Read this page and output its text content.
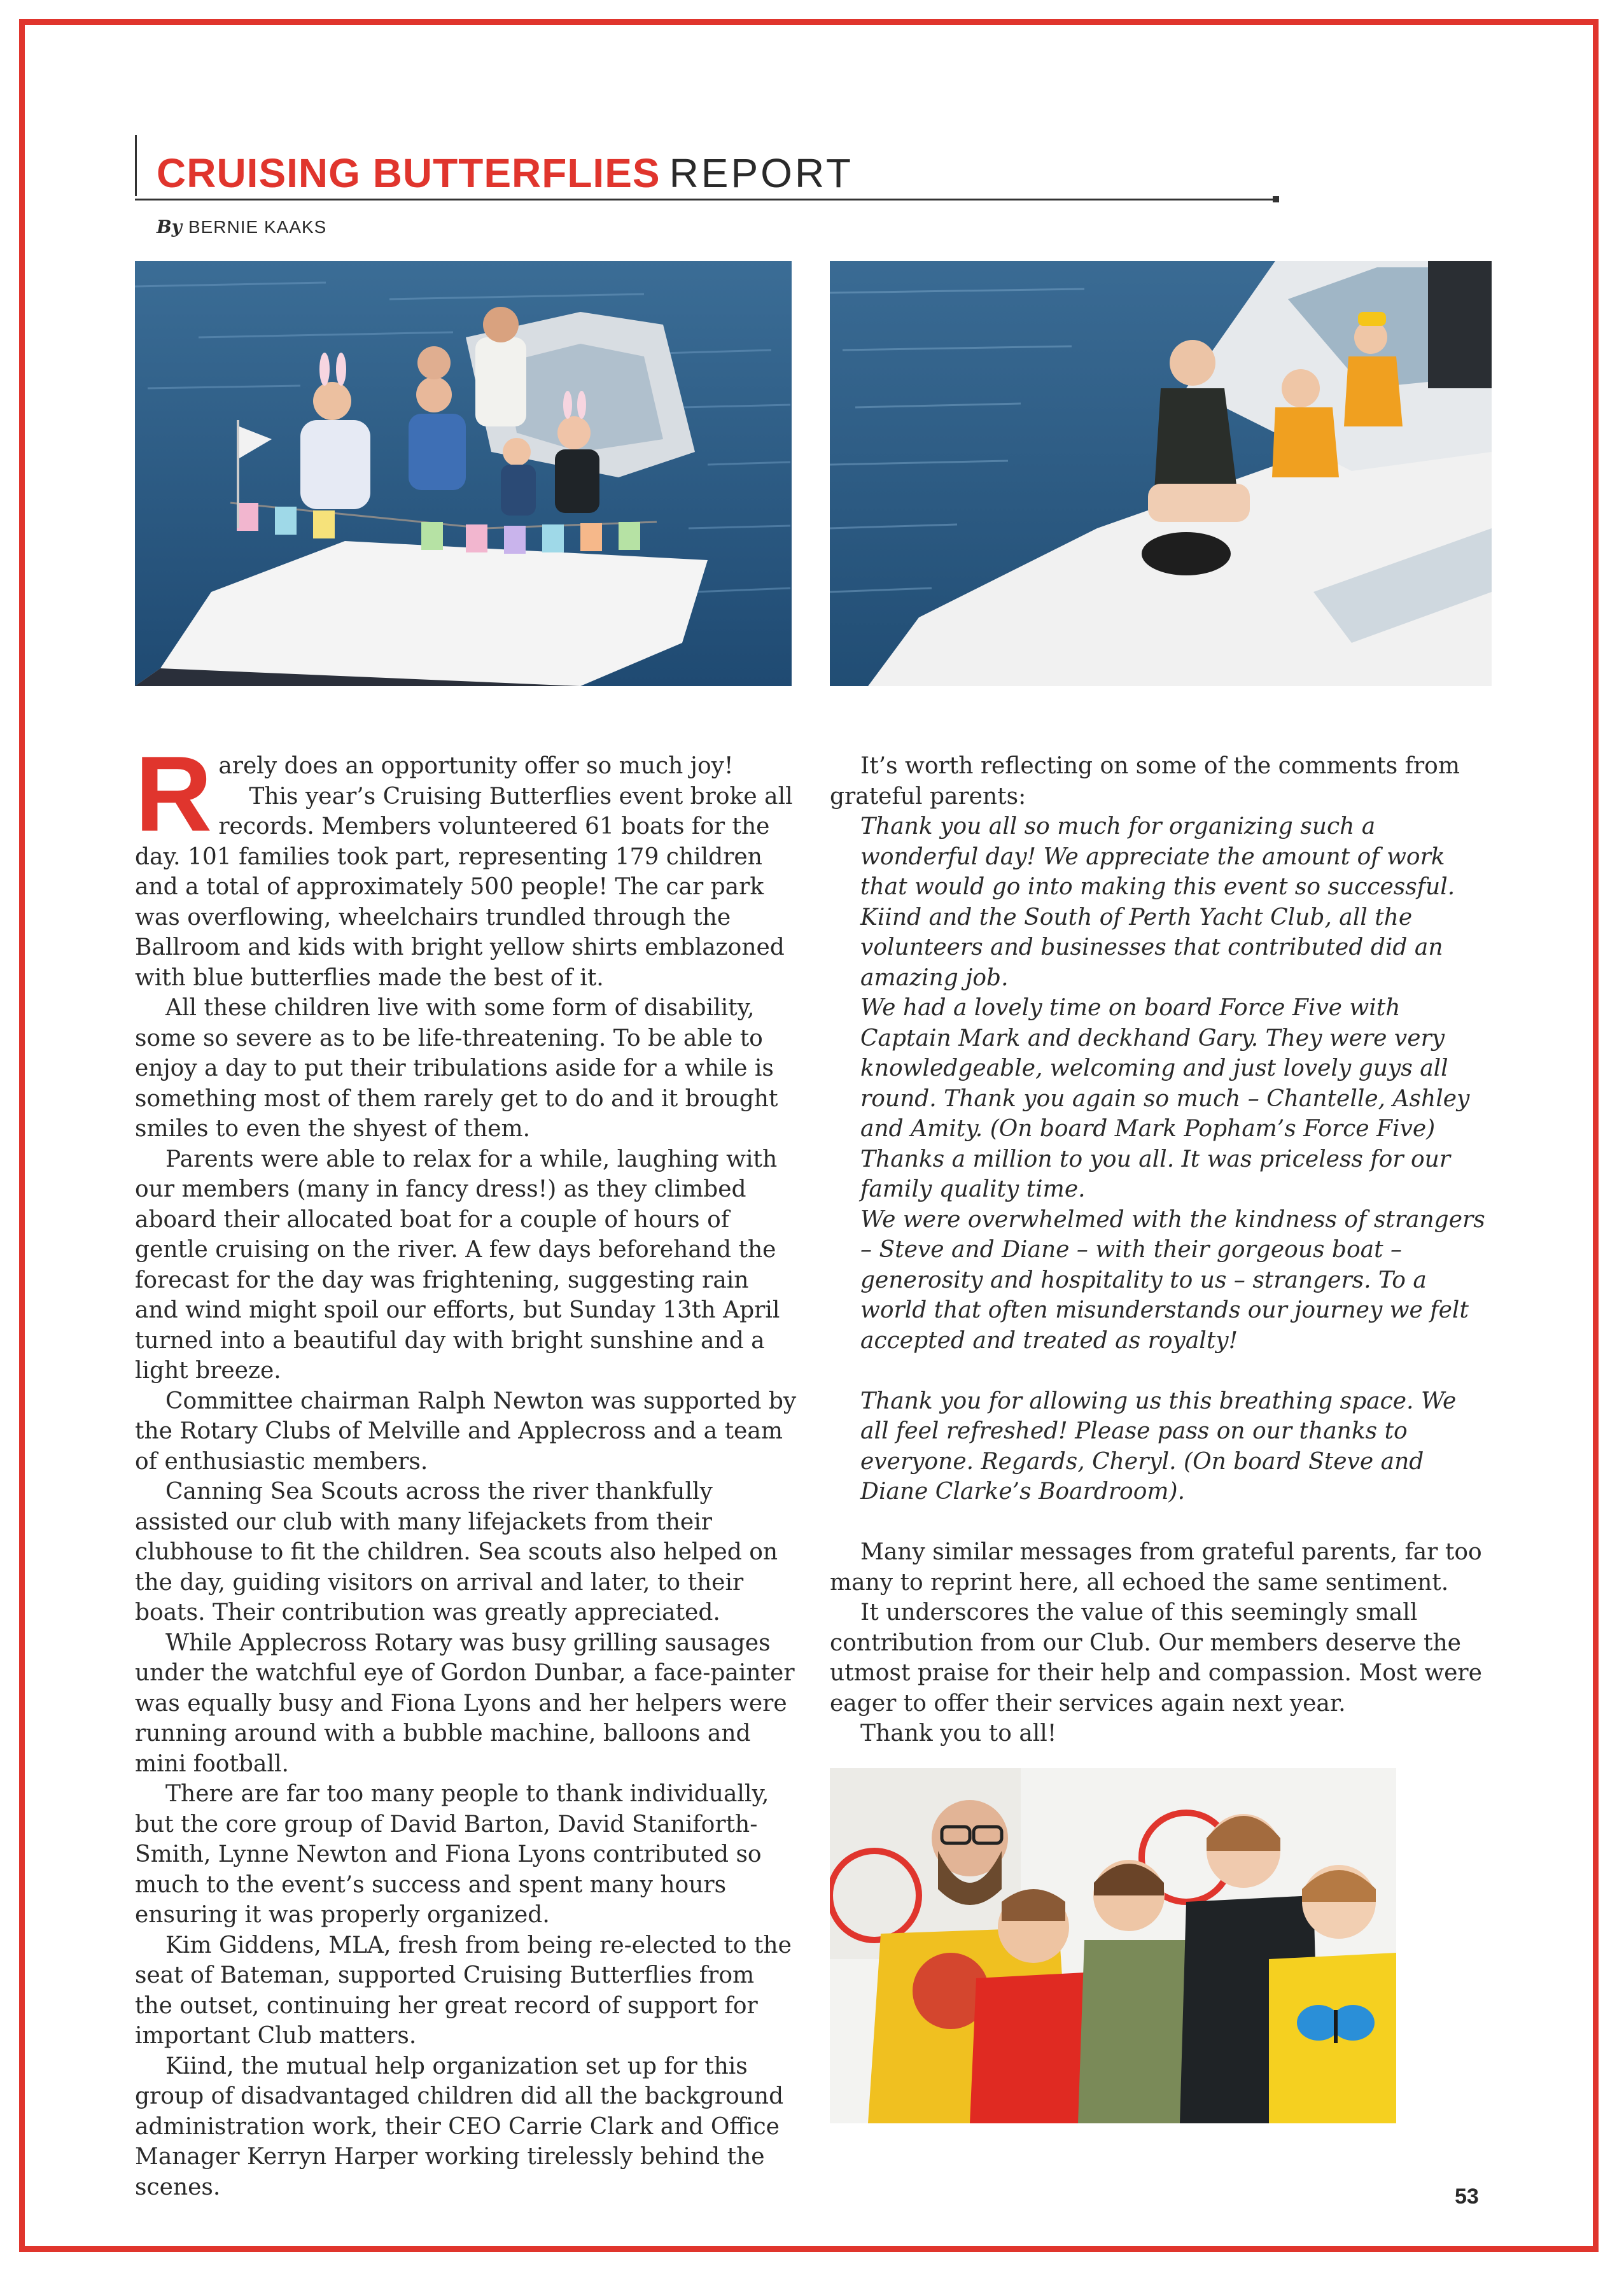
CRUISING BUTTERFLIES REPORT
By BERNIE KAAKS
R arely does an opportunity offer so much joy!

This year’s Cruising Butterflies event broke all records. Members volunteered 61 boats for the day. 101 families took part, representing 179 children and a total of approximately 500 people! The car park was overflowing, wheelchairs trundled through the Ballroom and kids with bright yellow shirts emblazoned with blue butterflies made the best of it.

All these children live with some form of disability, some so severe as to be life-threatening. To be able to enjoy a day to put their tribulations aside for a while is something most of them rarely get to do and it brought smiles to even the shyest of them.

Parents were able to relax for a while, laughing with our members (many in fancy dress!) as they climbed aboard their allocated boat for a couple of hours of gentle cruising on the river. A few days beforehand the forecast for the day was frightening, suggesting rain and wind might spoil our efforts, but Sunday 13th April turned into a beautiful day with bright sunshine and a light breeze.

Committee chairman Ralph Newton was supported by the Rotary Clubs of Melville and Applecross and a team of enthusiastic members.

Canning Sea Scouts across the river thankfully assisted our club with many lifejackets from their clubhouse to fit the children. Sea scouts also helped on the day, guiding visitors on arrival and later, to their boats. Their contribution was greatly appreciated.

While Applecross Rotary was busy grilling sausages under the watchful eye of Gordon Dunbar, a face-painter was equally busy and Fiona Lyons and her helpers were running around with a bubble machine, balloons and mini football.

There are far too many people to thank individually, but the core group of David Barton, David Staniforth-Smith, Lynne Newton and Fiona Lyons contributed so much to the event’s success and spent many hours ensuring it was properly organized.

Kim Giddens, MLA, fresh from being re-elected to the seat of Bateman, supported Cruising Butterflies from the outset, continuing her great record of support for important Club matters.

Kiind, the mutual help organization set up for this group of disadvantaged children did all the background administration work, their CEO Carrie Clark and Office Manager Kerryn Harper working tirelessly behind the scenes.

It’s worth reflecting on some of the comments from grateful parents:

Thank you all so much for organizing such a wonderful day! We appreciate the amount of work that would go into making this event so successful. Kiind and the South of Perth Yacht Club, all the volunteers and businesses that contributed did an amazing job.

We had a lovely time on board Force Five with Captain Mark and deckhand Gary. They were very knowledgeable, welcoming and just lovely guys all round. Thank you again so much – Chantelle, Ashley and Amity. (On board Mark Popham’s Force Five)

Thanks a million to you all. It was priceless for our family quality time.

We were overwhelmed with the kindness of strangers – Steve and Diane – with their gorgeous boat – generosity and hospitality to us – strangers. To a world that often misunderstands our journey we felt accepted and treated as royalty!

Thank you for allowing us this breathing space. We all feel refreshed! Please pass on our thanks to everyone. Regards, Cheryl. (On board Steve and Diane Clarke’s Boardroom).

Many similar messages from grateful parents, far too many to reprint here, all echoed the same sentiment.

It underscores the value of this seemingly small contribution from our Club. Our members deserve the utmost praise for their help and compassion. Most were eager to offer their services again next year.

Thank you to all!

53
